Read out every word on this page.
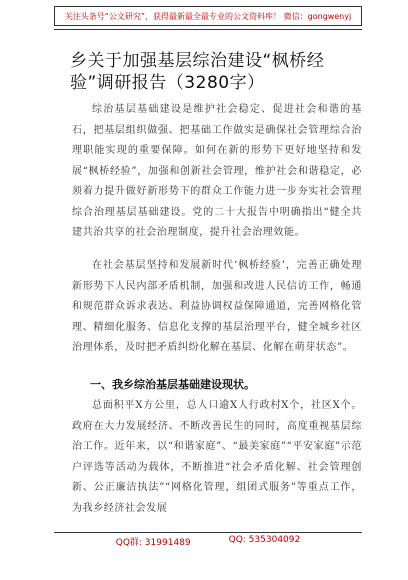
关注头条号“公文研究”，获得最新最全最专业的公文资料库！ 微信：gongwenyj
乡关于加强基层综治建设“枫桥经验”调研报告（3280字）
综治基层基础建设是维护社会稳定、促进社会和谐的基石，把基层组织做强、把基础工作做实是确保社会管理综合治理职能实现的重要保障。如何在新的形势下更好地坚持和发展“枫桥经验”，加强和创新社会管理，维护社会和谐稳定，必须着力提升做好新形势下的群众工作能力进一步夯实社会管理综合治理基层基础建设。党的二十大报告中明确指出“健全共建共治共享的社会治理制度，提升社会治理效能。
在社会基层坚持和发展新时代‘枫桥经验’，完善正确处理新形势下人民内部矛盾机制，加强和改进人民信访工作，畅通和规范群众诉求表达、利益协调权益保障通道，完善网格化管理、精细化服务、信息化支撑的基层治理平台，健全城乡社区治理体系，及时把矛盾纠纷化解在基层、化解在萌芽状态”。
一、我乡综治基层基础建设现状。
总面积平X方公里，总人口逾X人行政村X个，社区X个。政府在大力发展经济、不断改善民生的同时，高度重视基层综治工作。近年来，以“和谐家庭”、“最美家庭”“平安家庭”示范户评选等活动为载体，不断推进“社会矛盾化解、社会管理创新、公正廉洁执法”“网格化管理，组团式服务”等重点工作，为我乡经济社会发展
QQ群: 31991489	QQ: 535304092
